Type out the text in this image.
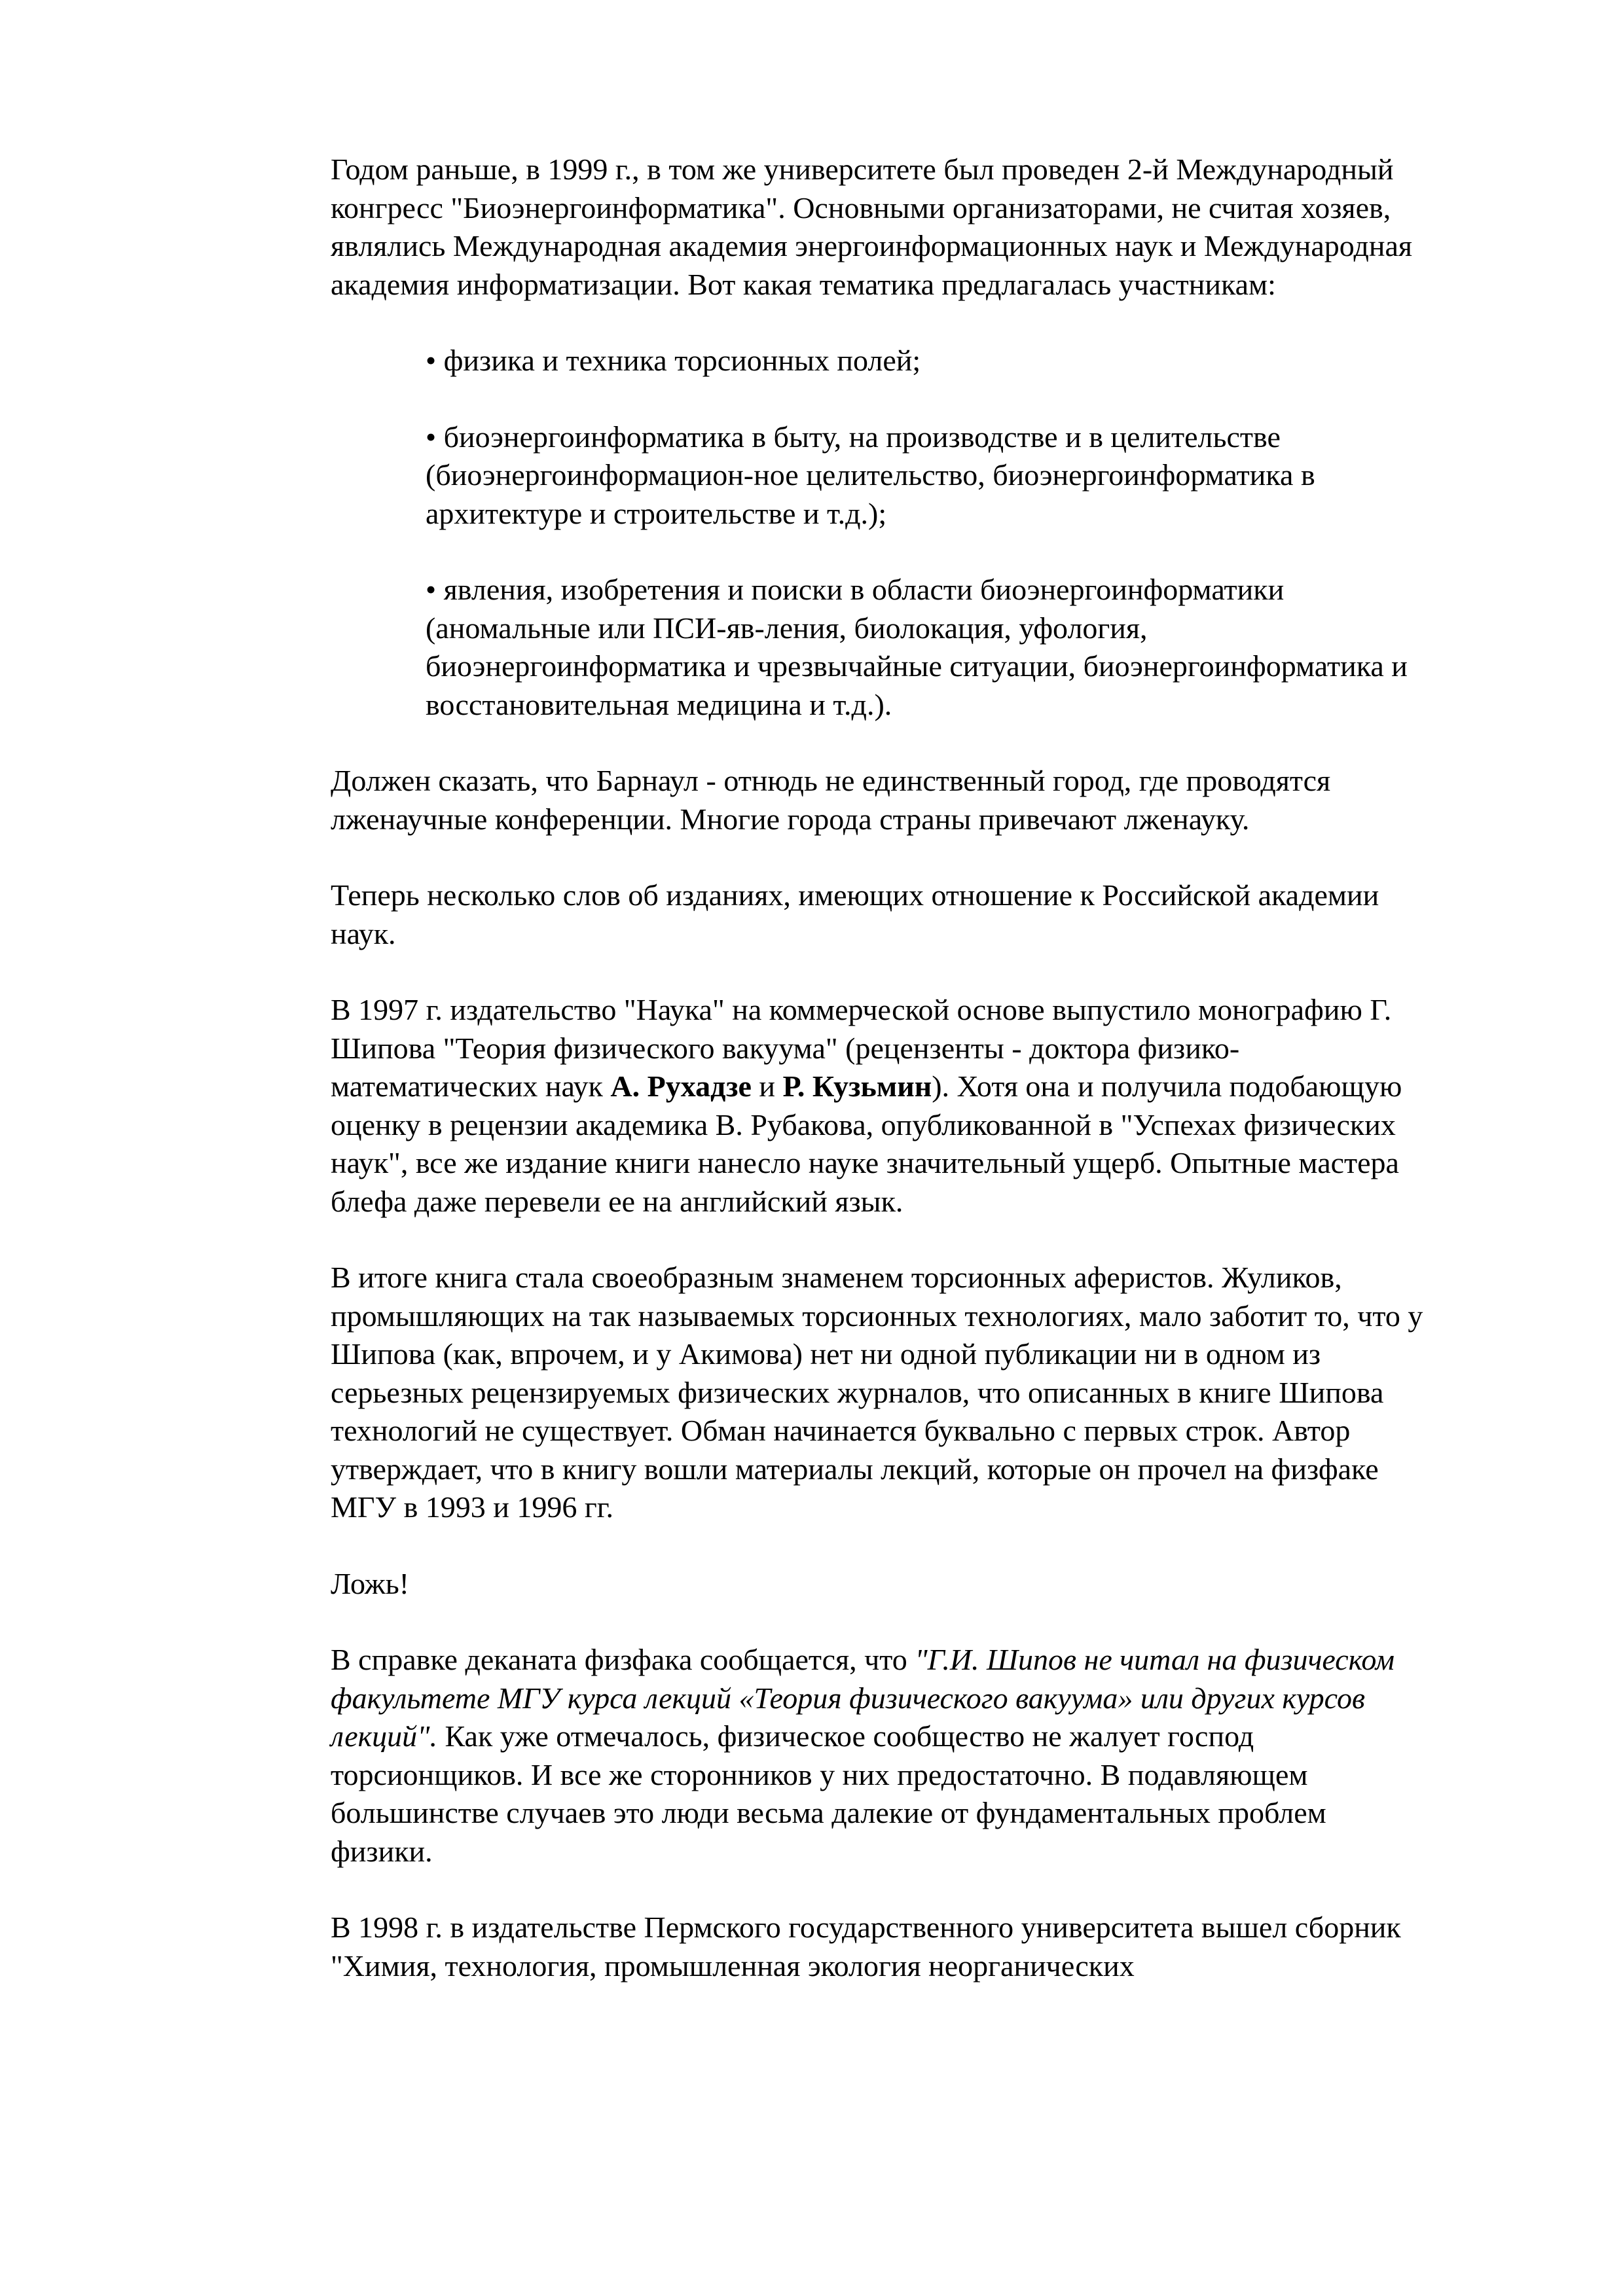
Годом раньше, в 1999 г., в том же университете был проведен 2-й Международный конгресс "Биоэнергоинформатика". Основными организаторами, не считая хозяев, являлись Международная академия энергоинформационных наук и Международная академия информатизации. Вот какая тематика предлагалась участникам:

• физика и техника торсионных полей;
• биоэнергоинформатика в быту, на производстве и в целительстве (биоэнергоинформацион-ное целительство, биоэнергоинформатика в архитектуре и строительстве и т.д.);
• явления, изобретения и поиски в области биоэнергоинформатики (аномальные или ПСИ-яв-ления, биолокация, уфология, биоэнергоинформатика и чрезвычайные ситуации, биоэнергоинформатика и восстановительная медицина и т.д.).

Должен сказать, что Барнаул - отнюдь не единственный город, где проводятся лженаучные конференции. Многие города страны привечают лженауку.

Теперь несколько слов об изданиях, имеющих отношение к Российской академии наук.

В 1997 г. издательство "Наука" на коммерческой основе выпустило монографию Г. Шипова "Теория физического вакуума" (рецензенты - доктора физико-математических наук А. Рухадзе и Р. Кузьмин). Хотя она и получила подобающую оценку в рецензии академика В. Рубакова, опубликованной в "Успехах физических наук", все же издание книги нанесло науке значительный ущерб. Опытные мастера блефа даже перевели ее на английский язык.

В итоге книга стала своеобразным знаменем торсионных аферистов. Жуликов, промышляющих на так называемых торсионных технологиях, мало заботит то, что у Шипова (как, впрочем, и у Акимова) нет ни одной публикации ни в одном из серьезных рецензируемых физических журналов, что описанных в книге Шипова технологий не существует. Обман начинается буквально с первых строк. Автор утверждает, что в книгу вошли материалы лекций, которые он прочел на физфаке МГУ в 1993 и 1996 гг.

Ложь!

В справке деканата физфака сообщается, что "Г.И. Шипов не читал на физическом факультете МГУ курса лекций «Теория физического вакуума» или других курсов лекций". Как уже отмечалось, физическое сообщество не жалует господ торсионщиков. И все же сторонников у них предостаточно. В подавляющем большинстве случаев это люди весьма далекие от фундаментальных проблем физики.

В 1998 г. в издательстве Пермского государственного университета вышел сборник "Химия, технология, промышленная экология неорганических
